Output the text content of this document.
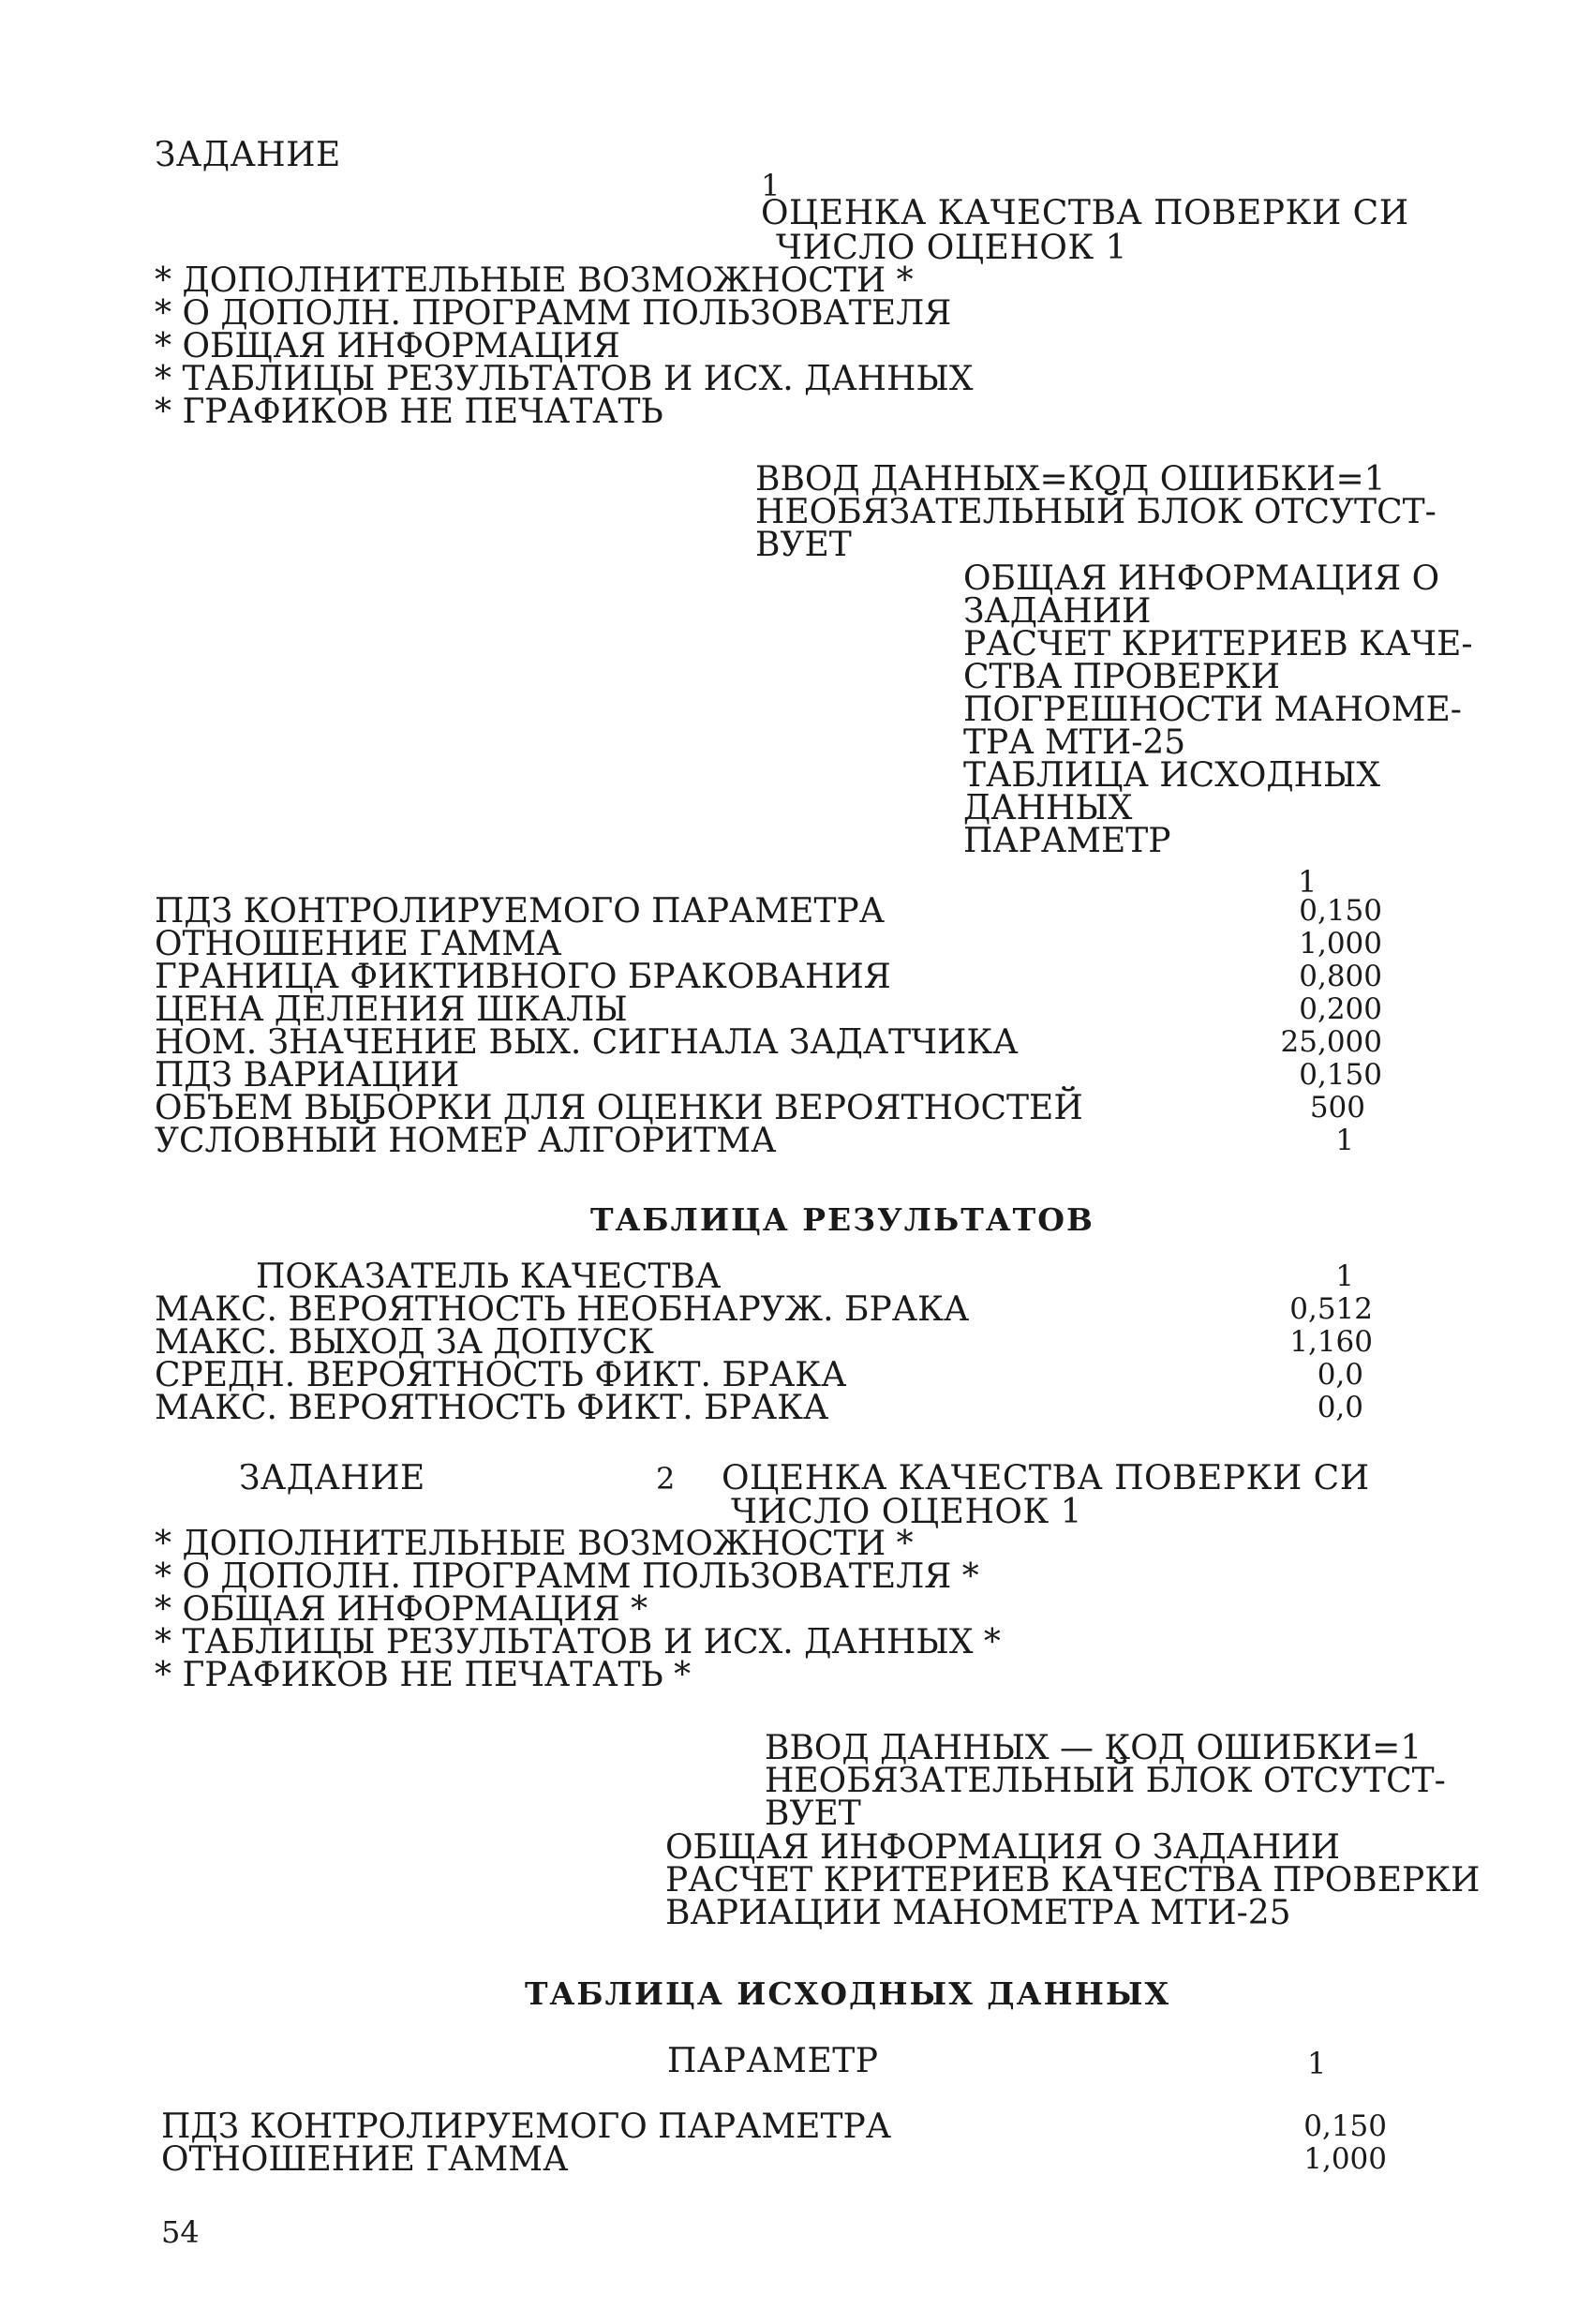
ЗАДАНИЕ
1
ОЦЕНКА КАЧЕСТВА ПОВЕРКИ СИ
ЧИСЛО ОЦЕНОК 1
* ДОПОЛНИТЕЛЬНЫЕ ВОЗМОЖНОСТИ *
* О ДОПОЛН. ПРОГРАММ ПОЛЬЗОВАТЕЛЯ
* ОБЩАЯ ИНФОРМАЦИЯ
* ТАБЛИЦЫ РЕЗУЛЬТАТОВ И ИСХ. ДАННЫХ
* ГРАФИКОВ НЕ ПЕЧАТАТЬ
ВВОД ДАННЫХ=КОД ОШИБКИ=1
НЕОБЯЗАТЕЛЬНЫЙ БЛОК ОТСУТСТ-
ВУЕТ
ОБЩАЯ ИНФОРМАЦИЯ О
ЗАДАНИИ
РАСЧЕТ КРИТЕРИЕВ КАЧЕ-
СТВА ПРОВЕРКИ
ПОГРЕШНОСТИ МАНОМЕ-
ТРА МТИ-25
ТАБЛИЦА ИСХОДНЫХ
ДАННЫХ
ПАРАМЕТР
1
ПДЗ КОНТРОЛИРУЕМОГО ПАРАМЕТРА	0,150
ОТНОШЕНИЕ ГАММА	1,000
ГРАНИЦА ФИКТИВНОГО БРАКОВАНИЯ	0,800
ЦЕНА ДЕЛЕНИЯ ШКАЛЫ	0,200
НОМ. ЗНАЧЕНИЕ ВЫХ. СИГНАЛА ЗАДАТЧИКА	25,000
ПДЗ ВАРИАЦИИ	0,150
ОБЪЕМ ВЫБОРКИ ДЛЯ ОЦЕНКИ ВЕРОЯТНОСТЕЙ	500
УСЛОВНЫЙ НОМЕР АЛГОРИТМА	1
ТАБЛИЦА РЕЗУЛЬТАТОВ
ПОКАЗАТЕЛЬ КАЧЕСТВА	1
МАКС. ВЕРОЯТНОСТЬ НЕОБНАРУЖ. БРАКА	0,512
МАКС. ВЫХОД ЗА ДОПУСК	1,160
СРЕДН. ВЕРОЯТНОСТЬ ФИКТ. БРАКА	0,0
МАКС. ВЕРОЯТНОСТЬ ФИКТ. БРАКА	0,0
ЗАДАНИЕ	2 ОЦЕНКА КАЧЕСТВА ПОВЕРКИ СИ
ЧИСЛО ОЦЕНОК 1
* ДОПОЛНИТЕЛЬНЫЕ ВОЗМОЖНОСТИ *
* О ДОПОЛН. ПРОГРАММ ПОЛЬЗОВАТЕЛЯ *
* ОБЩАЯ ИНФОРМАЦИЯ *
* ТАБЛИЦЫ РЕЗУЛЬТАТОВ И ИСХ. ДАННЫХ *
* ГРАФИКОВ НЕ ПЕЧАТАТЬ *
ВВОД ДАННЫХ — КОД ОШИБКИ=1
НЕОБЯЗАТЕЛЬНЫЙ БЛОК ОТСУТСТ-
ВУЕТ
ОБЩАЯ ИНФОРМАЦИЯ О ЗАДАНИИ
РАСЧЕТ КРИТЕРИЕВ КАЧЕСТВА ПРОВЕРКИ
ВАРИАЦИИ МАНОМЕТРА МТИ-25
ТАБЛИЦА ИСХОДНЫХ ДАННЫХ
ПАРАМЕТР	1
ПДЗ КОНТРОЛИРУЕМОГО ПАРАМЕТРА	0,150
ОТНОШЕНИЕ ГАММА	1,000
54
